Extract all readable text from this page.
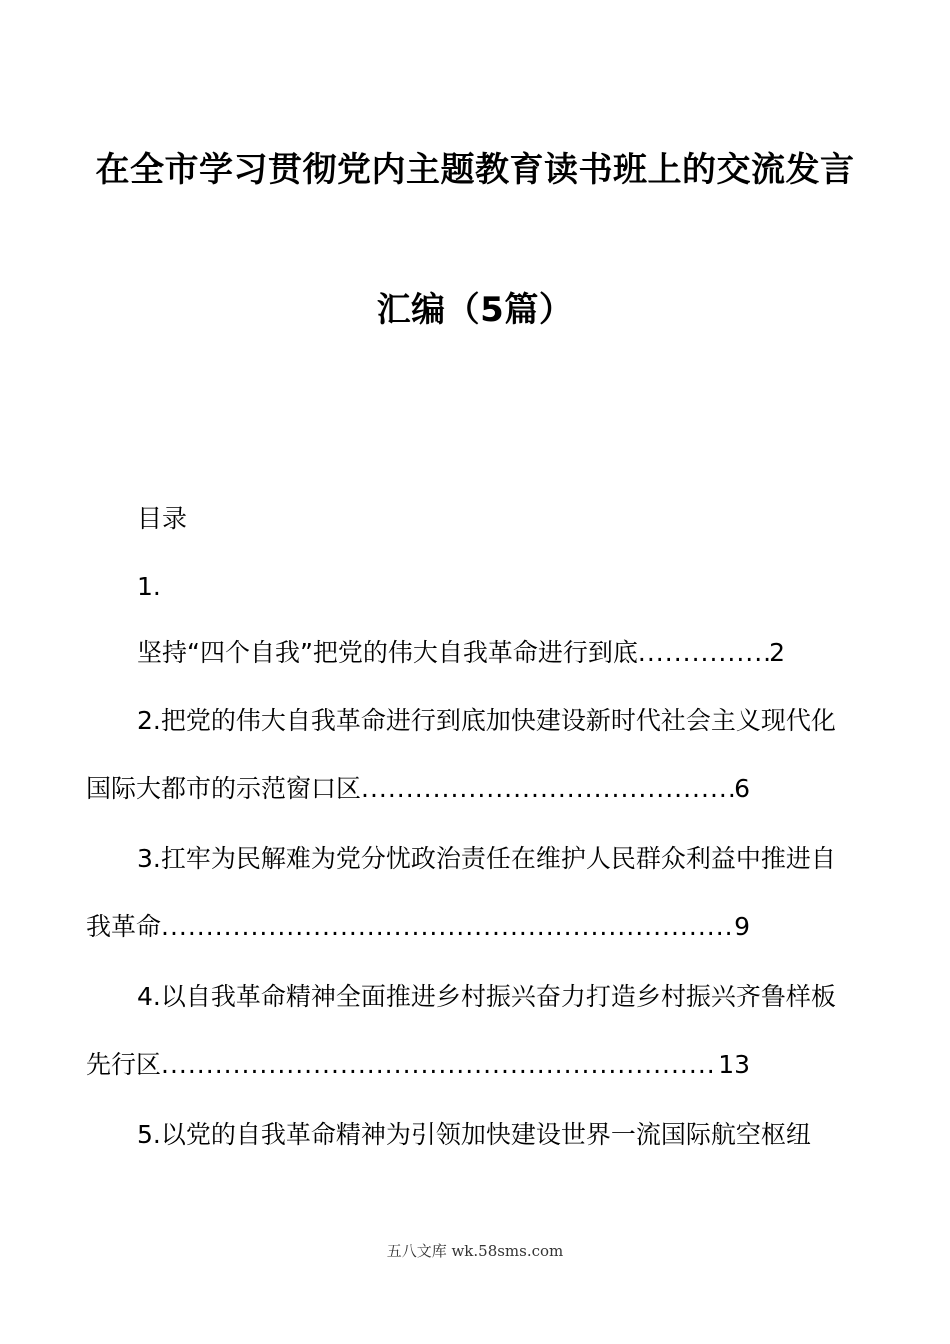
在全市学习贯彻党内主题教育读书班上的交流发言
汇编（5篇）
目录
1.
坚持“四个自我”把党的伟大自我革命进行到底 .....	2
2.把党的伟大自我革命进行到底加快建设新时代社会主义现代化
国际大都市的示范窗口区 .....	6
3.扛牢为民解难为党分忧政治责任在维护人民群众利益中推进自
我革命 .....	9
4.以自我革命精神全面推进乡村振兴奋力打造乡村振兴齐鲁样板
先行区 .....	13
5.以党的自我革命精神为引领加快建设世界一流国际航空枢纽
五八文库 wk.58sms.com
